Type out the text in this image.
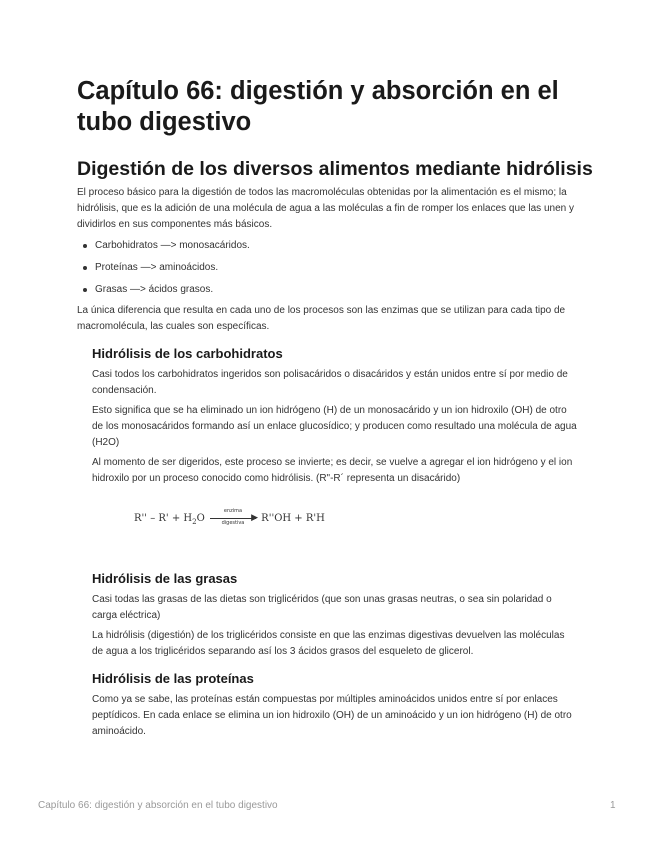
Capítulo 66: digestión y absorción en el tubo digestivo
Digestión de los diversos alimentos mediante hidrólisis

El proceso básico para la digestión de todos las macromoléculas obtenidas por la alimentación es el mismo; la hidrólisis, que es la adición de una molécula de agua a las moléculas a fin de romper los enlaces que las unen y dividirlos en sus componentes más básicos.

Carbohidratos —> monosacáridos.
Proteínas —> aminoácidos.
Grasas —> ácidos grasos.

La única diferencia que resulta en cada uno de los procesos son las enzimas que se utilizan para cada tipo de macromolécula, las cuales son específicas.

Hidrólisis de los carbohidratos

Casi todos los carbohidratos ingeridos son polisacáridos o disacáridos y están unidos entre sí por medio de condensación.

Esto significa que se ha eliminado un ion hidrógeno (H) de un monosacárido y un ion hidroxilo (OH) de otro de los monosacáridos formando así un enlace glucosídico; y producen como resultado una molécula de agua (H2O)

Al momento de ser digeridos, este proceso se invierte; es decir, se vuelve a agregar el ion hidrógeno y el ion hidroxilo por un proceso conocido como hidrólisis. (R"-R´ representa un disacárido)

Hidrólisis de las grasas

Casi todas las grasas de las dietas son triglicéridos (que son unas grasas neutras, o sea sin polaridad o carga eléctrica)

La hidrólisis (digestión) de los triglicéridos consiste en que las enzimas digestivas devuelven las moléculas de agua a los triglicéridos separando así los 3 ácidos grasos del esqueleto de glicerol.

Hidrólisis de las proteínas

Como ya se sabe, las proteínas están compuestas por múltiples aminoácidos unidos entre sí por enlaces peptídicos. En cada enlace se elimina un ion hidroxilo (OH) de un aminoácido y un ion hidrógeno (H) de otro aminoácido.

$R'' - R' + H_2O$
enzima
▶
digestiva	R''OH + R'H
Capítulo 66: digestión y absorción en el tubo digestivo	1
